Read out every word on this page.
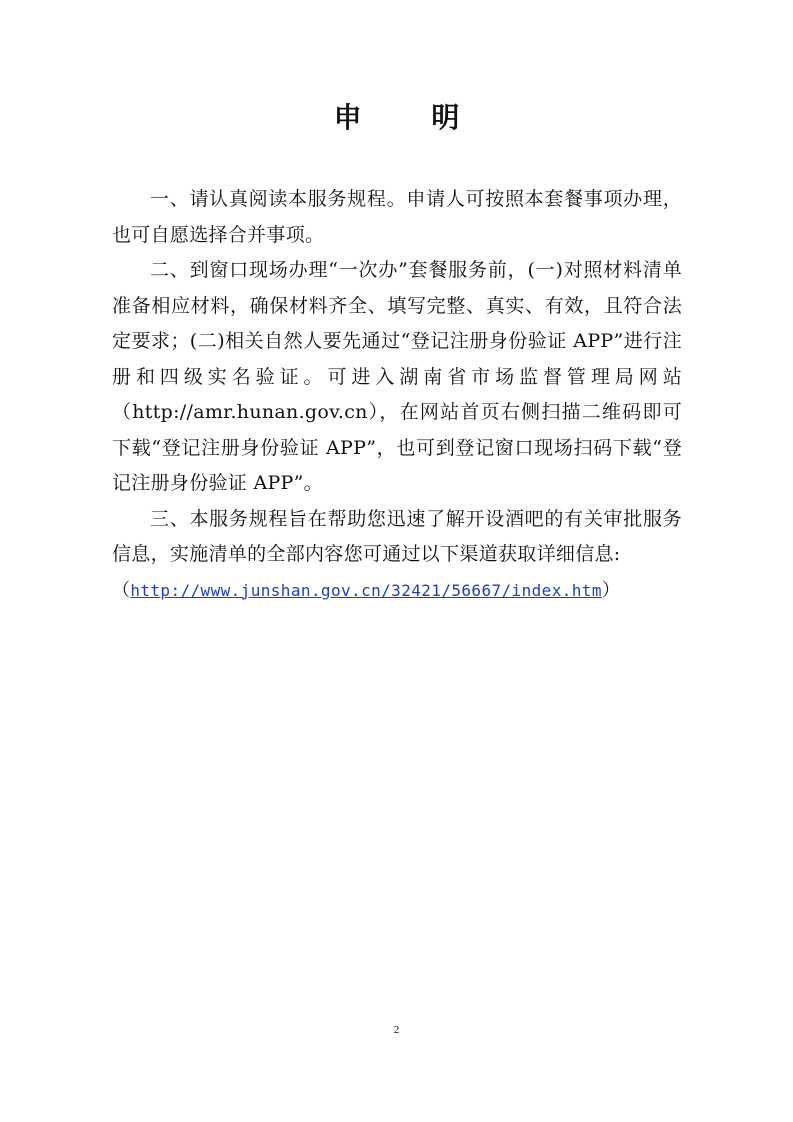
申 明

一、请认真阅读本服务规程。申请人可按照本套餐事项办理，也可自愿选择合并事项。

二、到窗口现场办理“一次办”套餐服务前，(一)对照材料清单准备相应材料，确保材料齐全、填写完整、真实、有效，且符合法定要求；(二)相关自然人要先通过“登记注册身份验证 APP”进行注册和四级实名验证。可进入湖南省市场监督管理局网站（http://amr.hunan.gov.cn），在网站首页右侧扫描二维码即可下载“登记注册身份验证 APP”，也可到登记窗口现场扫码下载“登记注册身份验证 APP”。

三、本服务规程旨在帮助您迅速了解开设酒吧的有关审批服务信息，实施清单的全部内容您可通过以下渠道获取详细信息:

（http://www.junshan.gov.cn/32421/56667/index.htm）

2
